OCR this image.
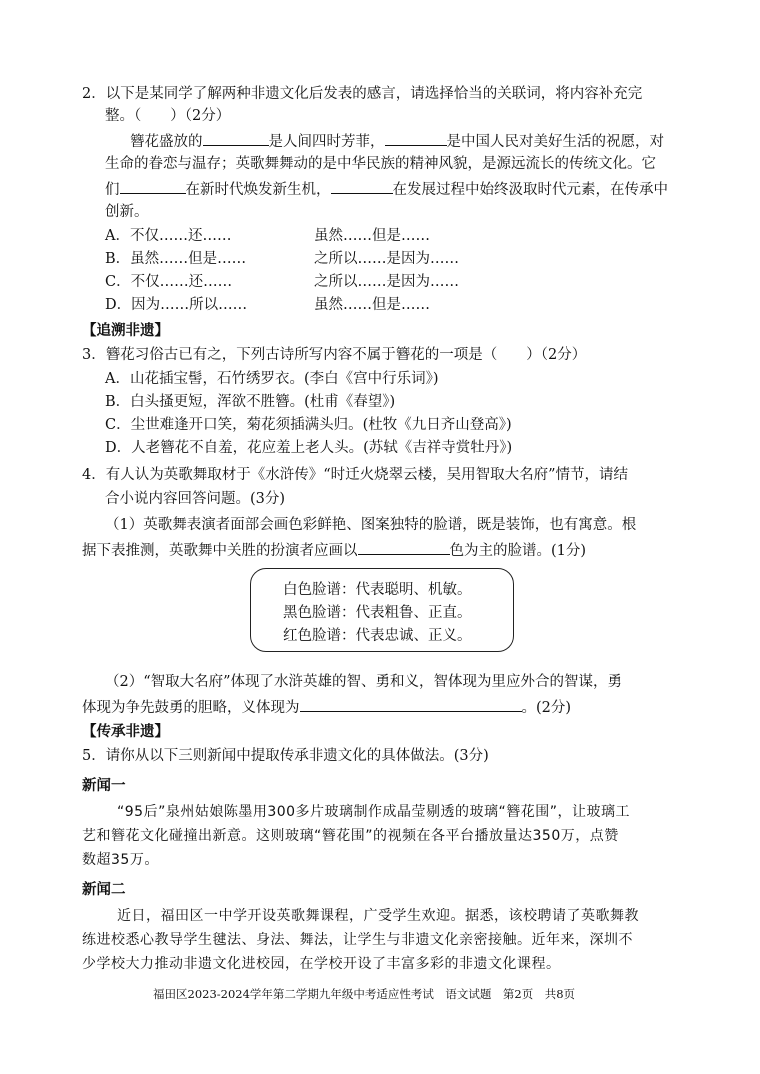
2．以下是某同学了解两种非遗文化后发表的感言，请选择恰当的关联词，将内容补充完
整。（　　）（2分）
簪花盛放的	是人间四时芳菲，	是中国人民对美好生活的祝愿，对
生命的眷恋与温存；英歌舞舞动的是中华民族的精神风貌，是源远流长的传统文化。它
们	在新时代焕发新生机，	在发展过程中始终汲取时代元素，在传承中
创新。
A．不仅……还……	虽然……但是……
B．虽然……但是……	之所以……是因为……
C．不仅……还……	之所以……是因为……
D．因为……所以……	虽然……但是……
【追溯非遗】
3．簪花习俗古已有之，下列古诗所写内容不属于簪花的一项是（　　）（2分）
A．山花插宝髻，石竹绣罗衣。(李白《宫中行乐词》)
B．白头搔更短，浑欲不胜簪。(杜甫《春望》)
C．尘世难逢开口笑，菊花须插满头归。(杜牧《九日齐山登高》)
D．人老簪花不自羞，花应羞上老人头。(苏轼《吉祥寺赏牡丹》)
4．有人认为英歌舞取材于《水浒传》“时迁火烧翠云楼，吴用智取大名府”情节，请结
合小说内容回答问题。(3分)
（1）英歌舞表演者面部会画色彩鲜艳、图案独特的脸谱，既是装饰，也有寓意。根
据下表推测，英歌舞中关胜的扮演者应画以	色为主的脸谱。(1分)
白色脸谱：代表聪明、机敏。
黑色脸谱：代表粗鲁、正直。
红色脸谱：代表忠诚、正义。
（2）“智取大名府”体现了水浒英雄的智、勇和义，智体现为里应外合的智谋，勇
体现为争先鼓勇的胆略，义体现为	。(2分)
【传承非遗】
5．请你从以下三则新闻中提取传承非遗文化的具体做法。(3分)
新闻一
“95后”泉州姑娘陈墨用300多片玻璃制作成晶莹剔透的玻璃“簪花围”，让玻璃工
艺和簪花文化碰撞出新意。这则玻璃“簪花围”的视频在各平台播放量达350万，点赞
数超35万。
新闻二
近日，福田区一中学开设英歌舞课程，广受学生欢迎。据悉，该校聘请了英歌舞教
练进校悉心教导学生毽法、身法、舞法，让学生与非遗文化亲密接触。近年来，深圳不
少学校大力推动非遗文化进校园，在学校开设了丰富多彩的非遗文化课程。
福田区2023-2024学年第二学期九年级中考适应性考试　语文试题　第2页　共8页
